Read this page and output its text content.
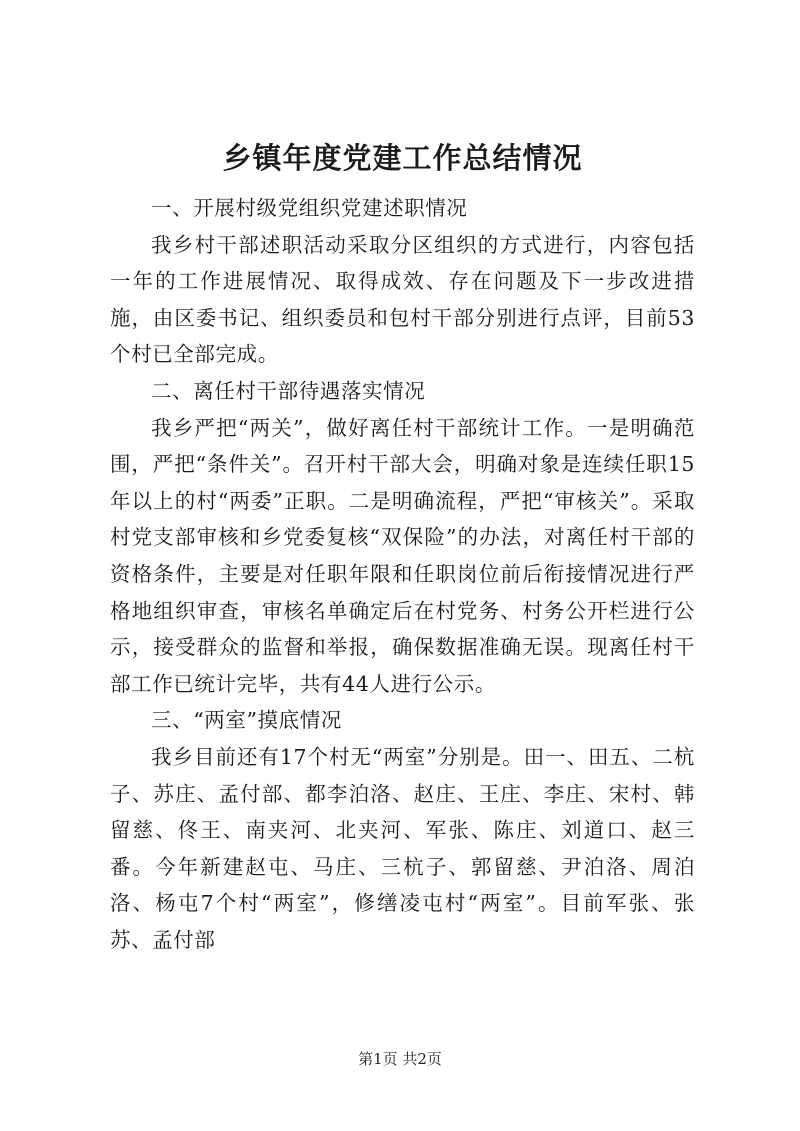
乡镇年度党建工作总结情况

一、开展村级党组织党建述职情况

我乡村干部述职活动采取分区组织的方式进行，内容包括一年的工作进展情况、取得成效、存在问题及下一步改进措施，由区委书记、组织委员和包村干部分别进行点评，目前53个村已全部完成。

二、离任村干部待遇落实情况

我乡严把“两关”，做好离任村干部统计工作。一是明确范围，严把“条件关”。召开村干部大会，明确对象是连续任职15年以上的村“两委”正职。二是明确流程，严把“审核关”。采取村党支部审核和乡党委复核“双保险”的办法，对离任村干部的资格条件，主要是对任职年限和任职岗位前后衔接情况进行严格地组织审查，审核名单确定后在村党务、村务公开栏进行公示，接受群众的监督和举报，确保数据准确无误。现离任村干部工作已统计完毕，共有44人进行公示。

三、“两室”摸底情况

我乡目前还有17个村无“两室”分别是。田一、田五、二杭子、苏庄、孟付部、都李泊洛、赵庄、王庄、李庄、宋村、韩留慈、佟王、南夹河、北夹河、军张、陈庄、刘道口、赵三番。今年新建赵屯、马庄、三杭子、郭留慈、尹泊洛、周泊洛、杨屯7个村“两室”，修缮凌屯村“两室”。目前军张、张苏、孟付部

第1页 共2页
